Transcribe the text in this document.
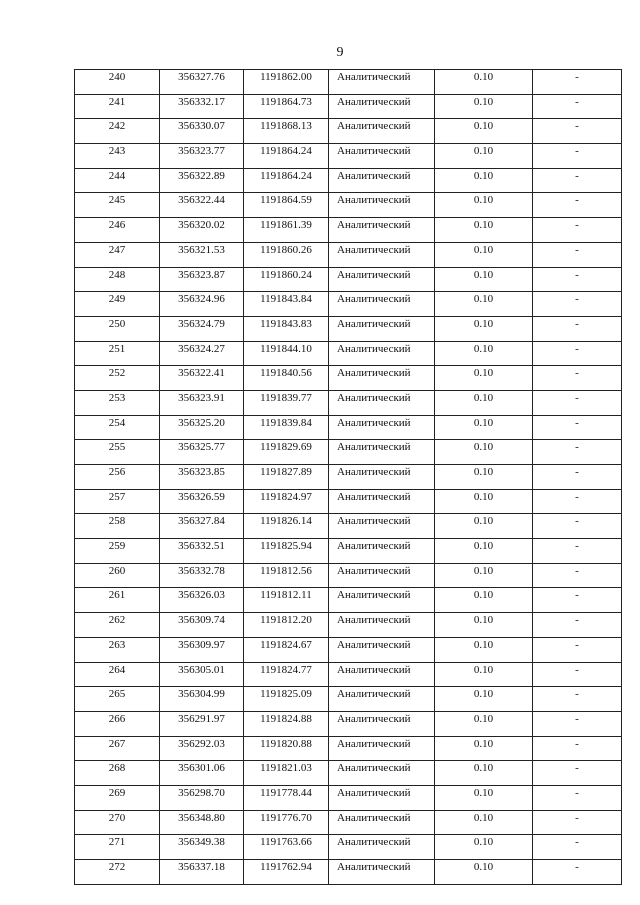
9
240	356327.76	1191862.00	Аналитический	0.10	-
241	356332.17	1191864.73	Аналитический	0.10	-
242	356330.07	1191868.13	Аналитический	0.10	-
243	356323.77	1191864.24	Аналитический	0.10	-
244	356322.89	1191864.24	Аналитический	0.10	-
245	356322.44	1191864.59	Аналитический	0.10	-
246	356320.02	1191861.39	Аналитический	0.10	-
247	356321.53	1191860.26	Аналитический	0.10	-
248	356323.87	1191860.24	Аналитический	0.10	-
249	356324.96	1191843.84	Аналитический	0.10	-
250	356324.79	1191843.83	Аналитический	0.10	-
251	356324.27	1191844.10	Аналитический	0.10	-
252	356322.41	1191840.56	Аналитический	0.10	-
253	356323.91	1191839.77	Аналитический	0.10	-
254	356325.20	1191839.84	Аналитический	0.10	-
255	356325.77	1191829.69	Аналитический	0.10	-
256	356323.85	1191827.89	Аналитический	0.10	-
257	356326.59	1191824.97	Аналитический	0.10	-
258	356327.84	1191826.14	Аналитический	0.10	-
259	356332.51	1191825.94	Аналитический	0.10	-
260	356332.78	1191812.56	Аналитический	0.10	-
261	356326.03	1191812.11	Аналитический	0.10	-
262	356309.74	1191812.20	Аналитический	0.10	-
263	356309.97	1191824.67	Аналитический	0.10	-
264	356305.01	1191824.77	Аналитический	0.10	-
265	356304.99	1191825.09	Аналитический	0.10	-
266	356291.97	1191824.88	Аналитический	0.10	-
267	356292.03	1191820.88	Аналитический	0.10	-
268	356301.06	1191821.03	Аналитический	0.10	-
269	356298.70	1191778.44	Аналитический	0.10	-
270	356348.80	1191776.70	Аналитический	0.10	-
271	356349.38	1191763.66	Аналитический	0.10	-
272	356337.18	1191762.94	Аналитический	0.10	-
